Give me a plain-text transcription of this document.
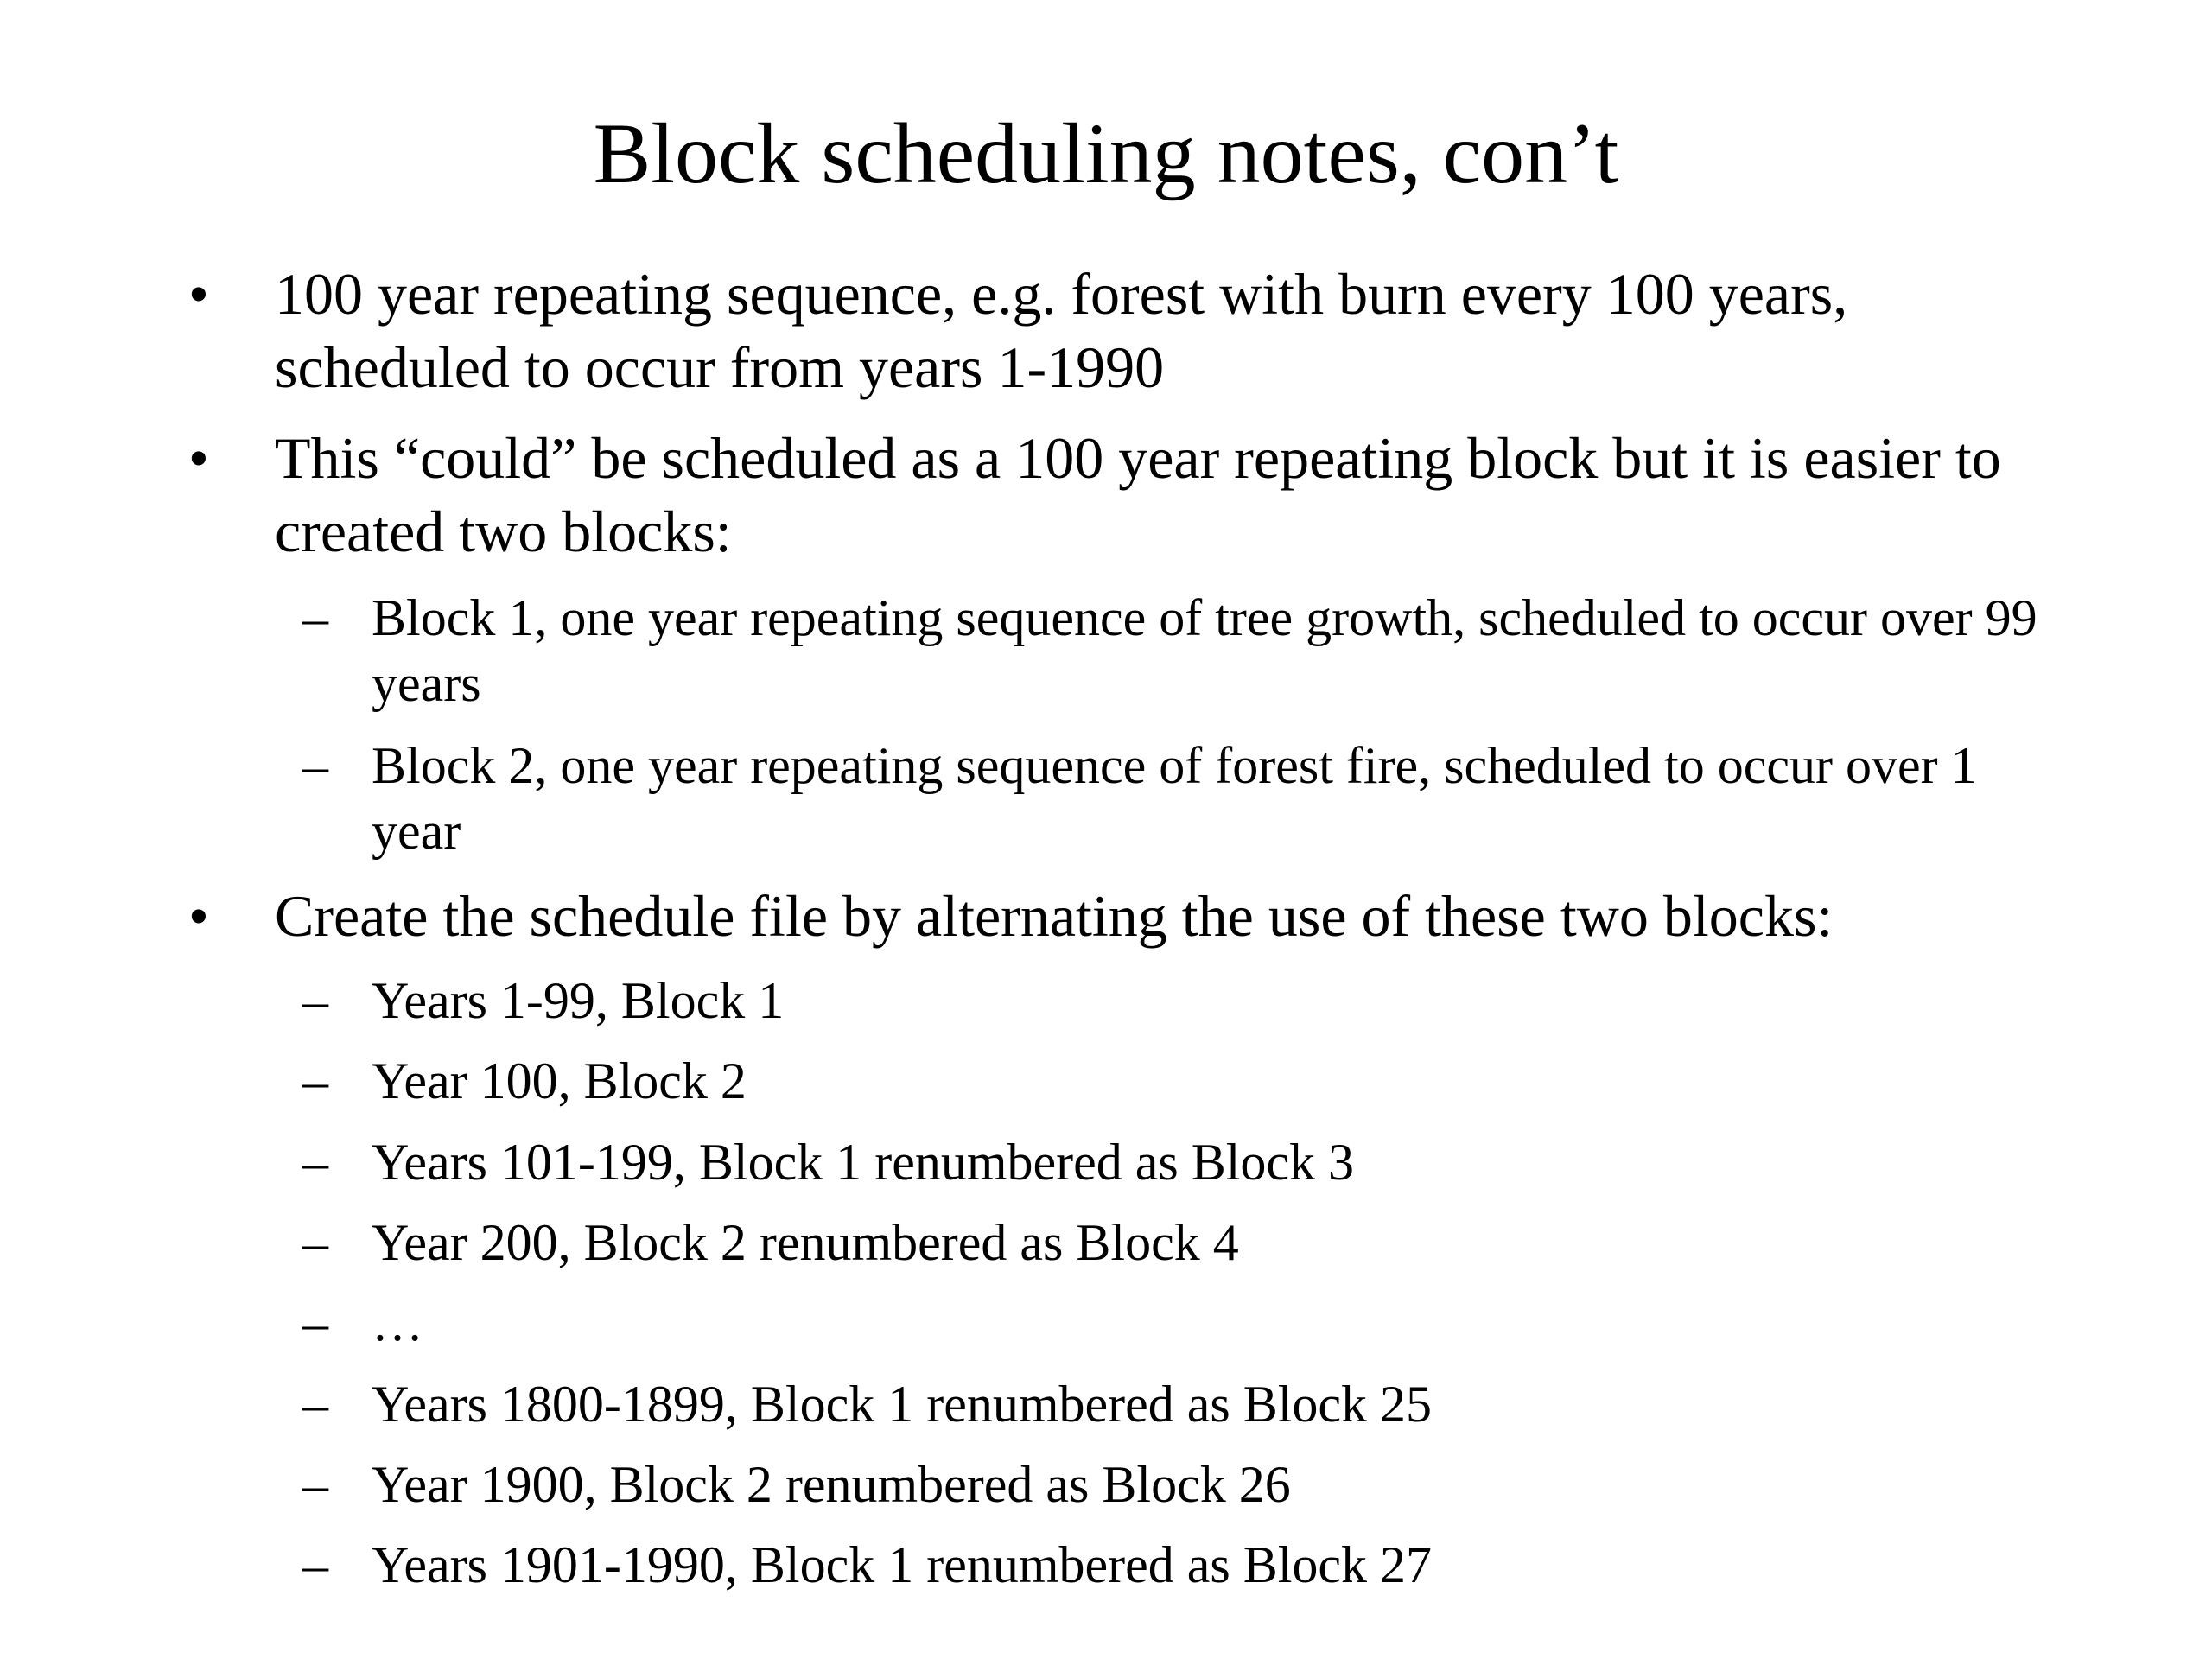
Block scheduling notes, con’t
• 100 year repeating sequence, e.g. forest with burn every 100 years, scheduled to occur from years 1-1990
• This “could” be scheduled as a 100 year repeating block but it is easier to created two blocks:
– Block 1, one year repeating sequence of tree growth, scheduled to occur over 99 years
– Block 2, one year repeating sequence of forest fire, scheduled to occur over 1 year
• Create the schedule file by alternating the use of these two blocks:
– Years 1-99, Block 1
– Year 100, Block 2
– Years 101-199, Block 1 renumbered as Block 3
– Year 200, Block 2 renumbered as Block 4
– …
– Years 1800-1899, Block 1 renumbered as Block 25
– Year 1900, Block 2 renumbered as Block 26
– Years 1901-1990, Block 1 renumbered as Block 27
